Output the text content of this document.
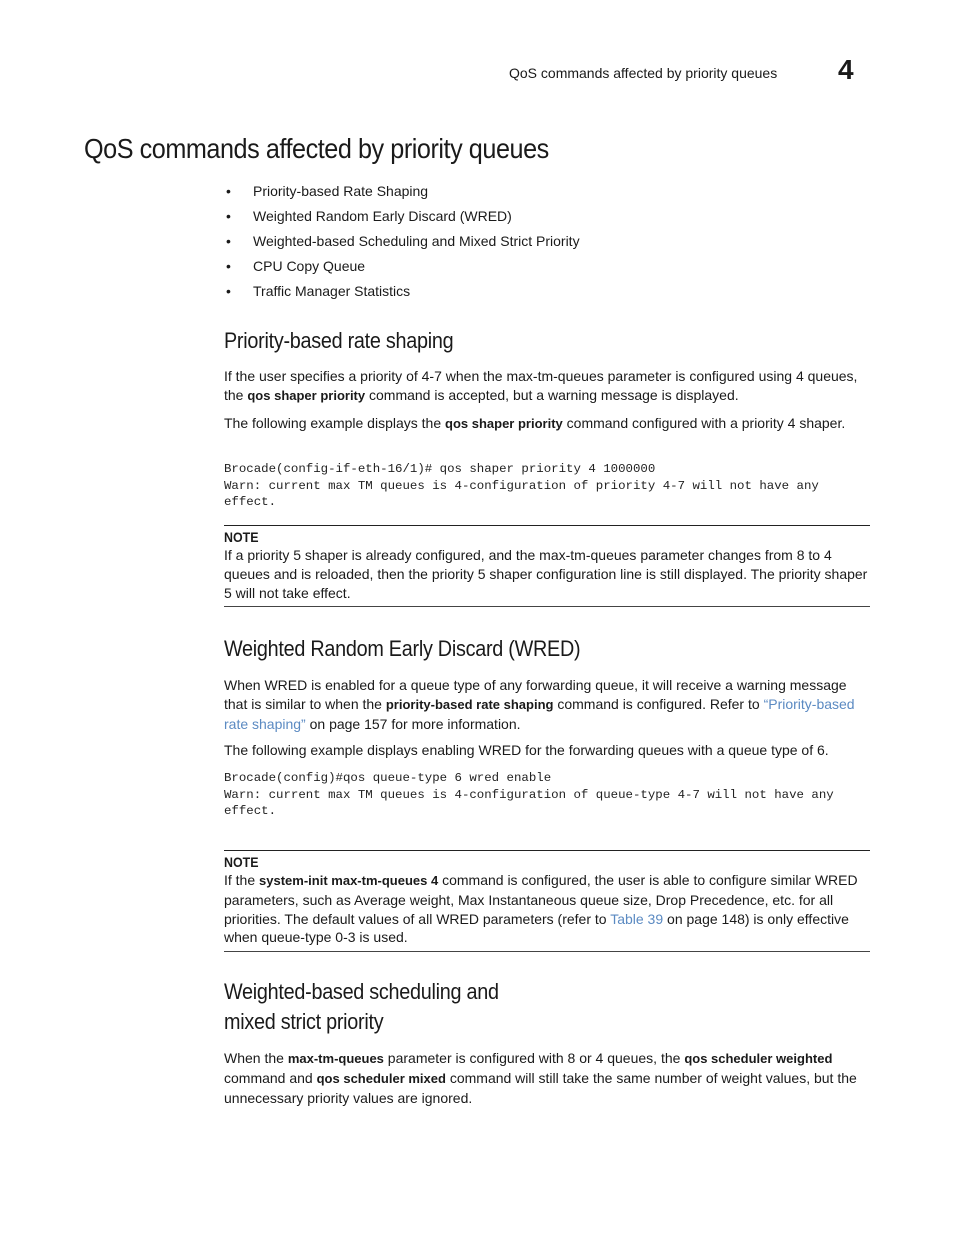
QoS commands affected by priority queues 4
QoS commands affected by priority queues
• Priority-based Rate Shaping
• Weighted Random Early Discard (WRED)
• Weighted-based Scheduling and Mixed Strict Priority
• CPU Copy Queue
• Traffic Manager Statistics
Priority-based rate shaping

If the user specifies a priority of 4-7 when the max-tm-queues parameter is configured using 4 queues, the qos shaper priority command is accepted, but a warning message is displayed.

The following example displays the qos shaper priority command configured with a priority 4 shaper.

Brocade(config-if-eth-16/1)# qos shaper priority 4 1000000
Warn: current max TM queues is 4-configuration of priority 4-7 will not have any
effect.
NOTE

If a priority 5 shaper is already configured, and the max-tm-queues parameter changes from 8 to 4 queues and is reloaded, then the priority 5 shaper configuration line is still displayed. The priority shaper 5 will not take effect.

Weighted Random Early Discard (WRED)

When WRED is enabled for a queue type of any forwarding queue, it will receive a warning message that is similar to when the priority-based rate shaping command is configured. Refer to “Priority-based rate shaping” on page 157 for more information.

The following example displays enabling WRED for the forwarding queues with a queue type of 6.

Brocade(config)#qos queue-type 6 wred enable
Warn: current max TM queues is 4-configuration of queue-type 4-7 will not have any
effect.
NOTE

If the system-init max-tm-queues 4 command is configured, the user is able to configure similar WRED parameters, such as Average weight, Max Instantaneous queue size, Drop Precedence, etc. for all priorities. The default values of all WRED parameters (refer to Table 39 on page 148) is only effective when queue-type 0-3 is used.

Weighted-based scheduling and
mixed strict priority

When the max-tm-queues parameter is configured with 8 or 4 queues, the qos scheduler weighted command and qos scheduler mixed command will still take the same number of weight values, but the unnecessary priority values are ignored.
